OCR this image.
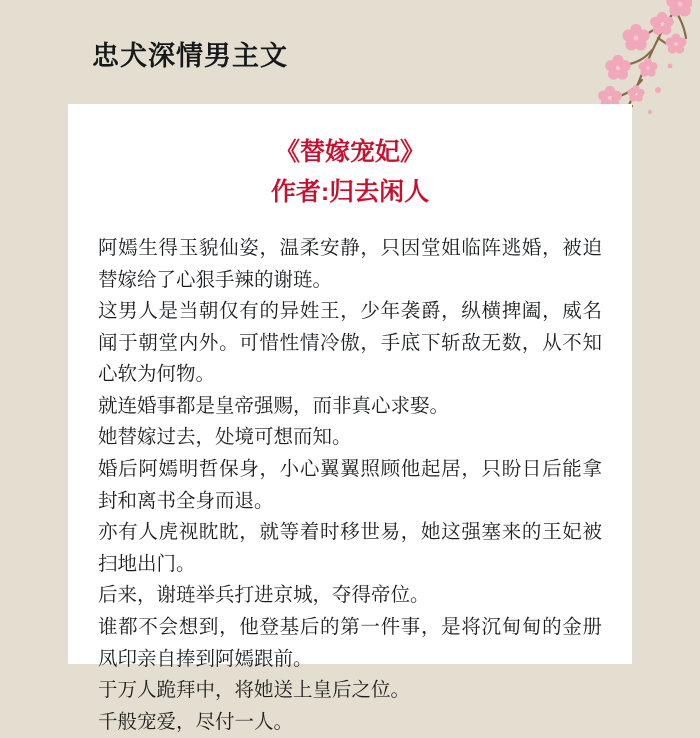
忠犬深情男主文
《替嫁宠妃》
作者:归去闲人

阿嫣生得玉貌仙姿，温柔安静，只因堂姐临阵逃婚，被迫替嫁给了心狠手辣的谢琏。

这男人是当朝仅有的异姓王，少年袭爵，纵横捭阖，威名闻于朝堂内外。可惜性情冷傲，手底下斩敌无数，从不知心软为何物。

就连婚事都是皇帝强赐，而非真心求娶。

她替嫁过去，处境可想而知。

婚后阿嫣明哲保身，小心翼翼照顾他起居，只盼日后能拿封和离书全身而退。

亦有人虎视眈眈，就等着时移世易，她这强塞来的王妃被扫地出门。

后来，谢琏举兵打进京城，夺得帝位。

谁都不会想到，他登基后的第一件事，是将沉甸甸的金册凤印亲自捧到阿嫣跟前。

于万人跪拜中，将她送上皇后之位。

千般宠爱，尽付一人。
